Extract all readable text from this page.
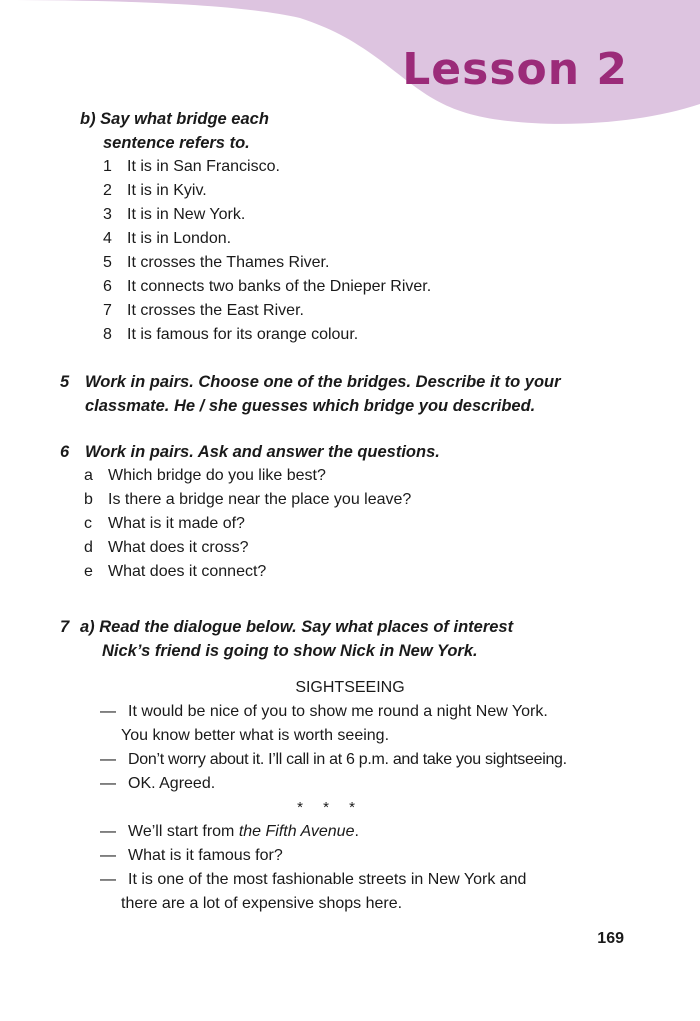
Lesson 2
b) Say what bridge each
sentence refers to.
1 It is in San Francisco.
2 It is in Kyiv.
3 It is in New York.
4 It is in London.
5 It crosses the Thames River.
6 It connects two banks of the Dnieper River.
7 It crosses the East River.
8 It is famous for its orange colour.
5 Work in pairs. Choose one of the bridges. Describe it to your
classmate. He / she guesses which bridge you described.
6 Work in pairs. Ask and answer the questions.
a Which bridge do you like best?
b Is there a bridge near the place you leave?
c What is it made of?
d What does it cross?
e What does it connect?
7 a) Read the dialogue below. Say what places of interest
Nick’s friend is going to show Nick in New York.
SIGHTSEEING
— It would be nice of you to show me round a night New York.
You know better what is worth seeing.
— Don’t worry about it. I’ll call in at 6 p.m. and take you sightseeing.
— OK. Agreed.
* * *
— We’ll start from the Fifth Avenue.
— What is it famous for?
— It is one of the most fashionable streets in New York and
there are a lot of expensive shops here.
169
